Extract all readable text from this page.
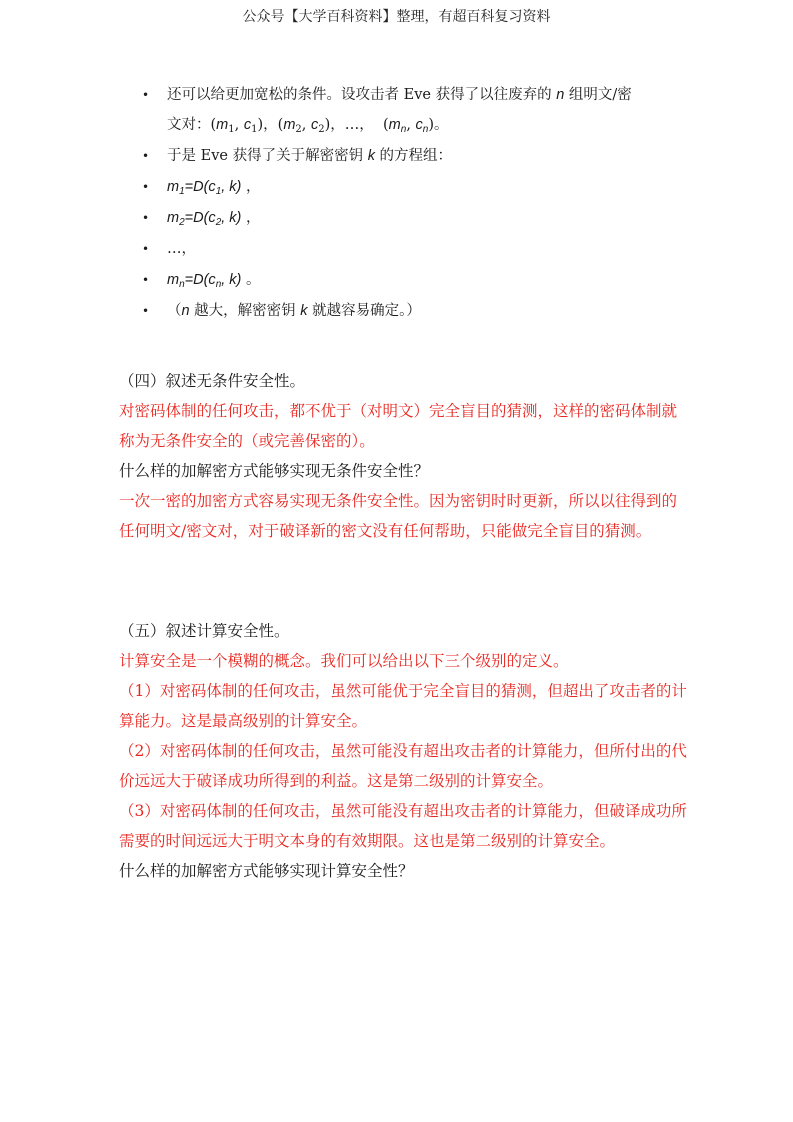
公众号【大学百科资料】整理，有超百科复习资料
• 还可以给更加宽松的条件。设攻击者 Eve 获得了以往废弃的 n 组明文/密
文对：($m_1$, $c_1$)，($m_2$, $c_2$)，…，  ($m_n$, $c_n$)。
• 于是 Eve 获得了关于解密密钥 k 的方程组：
• $m_1=D(c_1$, k) ，
• $m_2=D(c_2$, k) ，
• …，
• $m_n=D(c_n$, k) 。
• （n 越大，解密密钥 k 就越容易确定。）
（四）叙述无条件安全性。
对密码体制的任何攻击，都不优于（对明文）完全盲目的猜测，这样的密码体制就称为无条件安全的（或完善保密的）。
什么样的加解密方式能够实现无条件安全性？
一次一密的加密方式容易实现无条件安全性。因为密钥时时更新，所以以往得到的任何明文/密文对，对于破译新的密文没有任何帮助，只能做完全盲目的猜测。
（五）叙述计算安全性。
计算安全是一个模糊的概念。我们可以给出以下三个级别的定义。
（1）对密码体制的任何攻击，虽然可能优于完全盲目的猜测，但超出了攻击者的计算能力。这是最高级别的计算安全。
（2）对密码体制的任何攻击，虽然可能没有超出攻击者的计算能力，但所付出的代价远远大于破译成功所得到的利益。这是第二级别的计算安全。
（3）对密码体制的任何攻击，虽然可能没有超出攻击者的计算能力，但破译成功所需要的时间远远大于明文本身的有效期限。这也是第二级别的计算安全。
什么样的加解密方式能够实现计算安全性？
